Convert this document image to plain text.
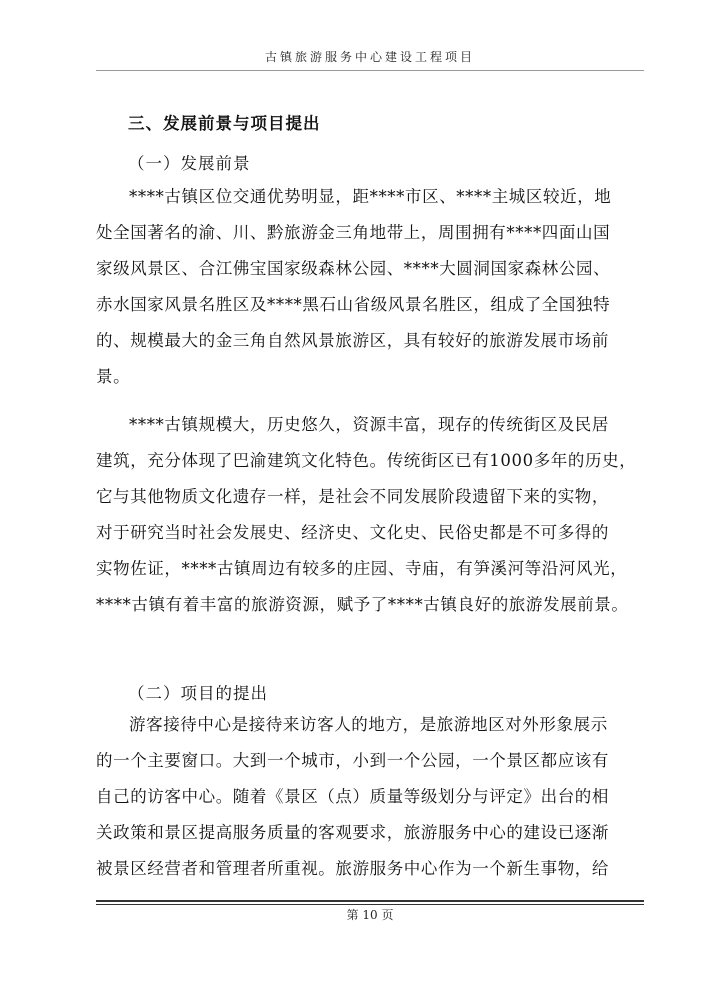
古镇旅游服务中心建设工程项目
三、发展前景与项目提出
（一）发展前景
****古镇区位交通优势明显，距****市区、****主城区较近，地
处全国著名的渝、川、黔旅游金三角地带上，周围拥有****四面山国
家级风景区、合江佛宝国家级森林公园、****大圆洞国家森林公园、
赤水国家风景名胜区及****黑石山省级风景名胜区，组成了全国独特
的、规模最大的金三角自然风景旅游区，具有较好的旅游发展市场前
景。
****古镇规模大，历史悠久，资源丰富，现存的传统街区及民居
建筑，充分体现了巴渝建筑文化特色。传统街区已有1000多年的历史，
它与其他物质文化遗存一样，是社会不同发展阶段遗留下来的实物，
对于研究当时社会发展史、经济史、文化史、民俗史都是不可多得的
实物佐证，****古镇周边有较多的庄园、寺庙，有笋溪河等沿河风光，
****古镇有着丰富的旅游资源，赋予了****古镇良好的旅游发展前景。
（二）项目的提出
游客接待中心是接待来访客人的地方，是旅游地区对外形象展示
的一个主要窗口。大到一个城市，小到一个公园，一个景区都应该有
自己的访客中心。随着《景区（点）质量等级划分与评定》出台的相
关政策和景区提高服务质量的客观要求，旅游服务中心的建设已逐渐
被景区经营者和管理者所重视。旅游服务中心作为一个新生事物，给
第 10 页
